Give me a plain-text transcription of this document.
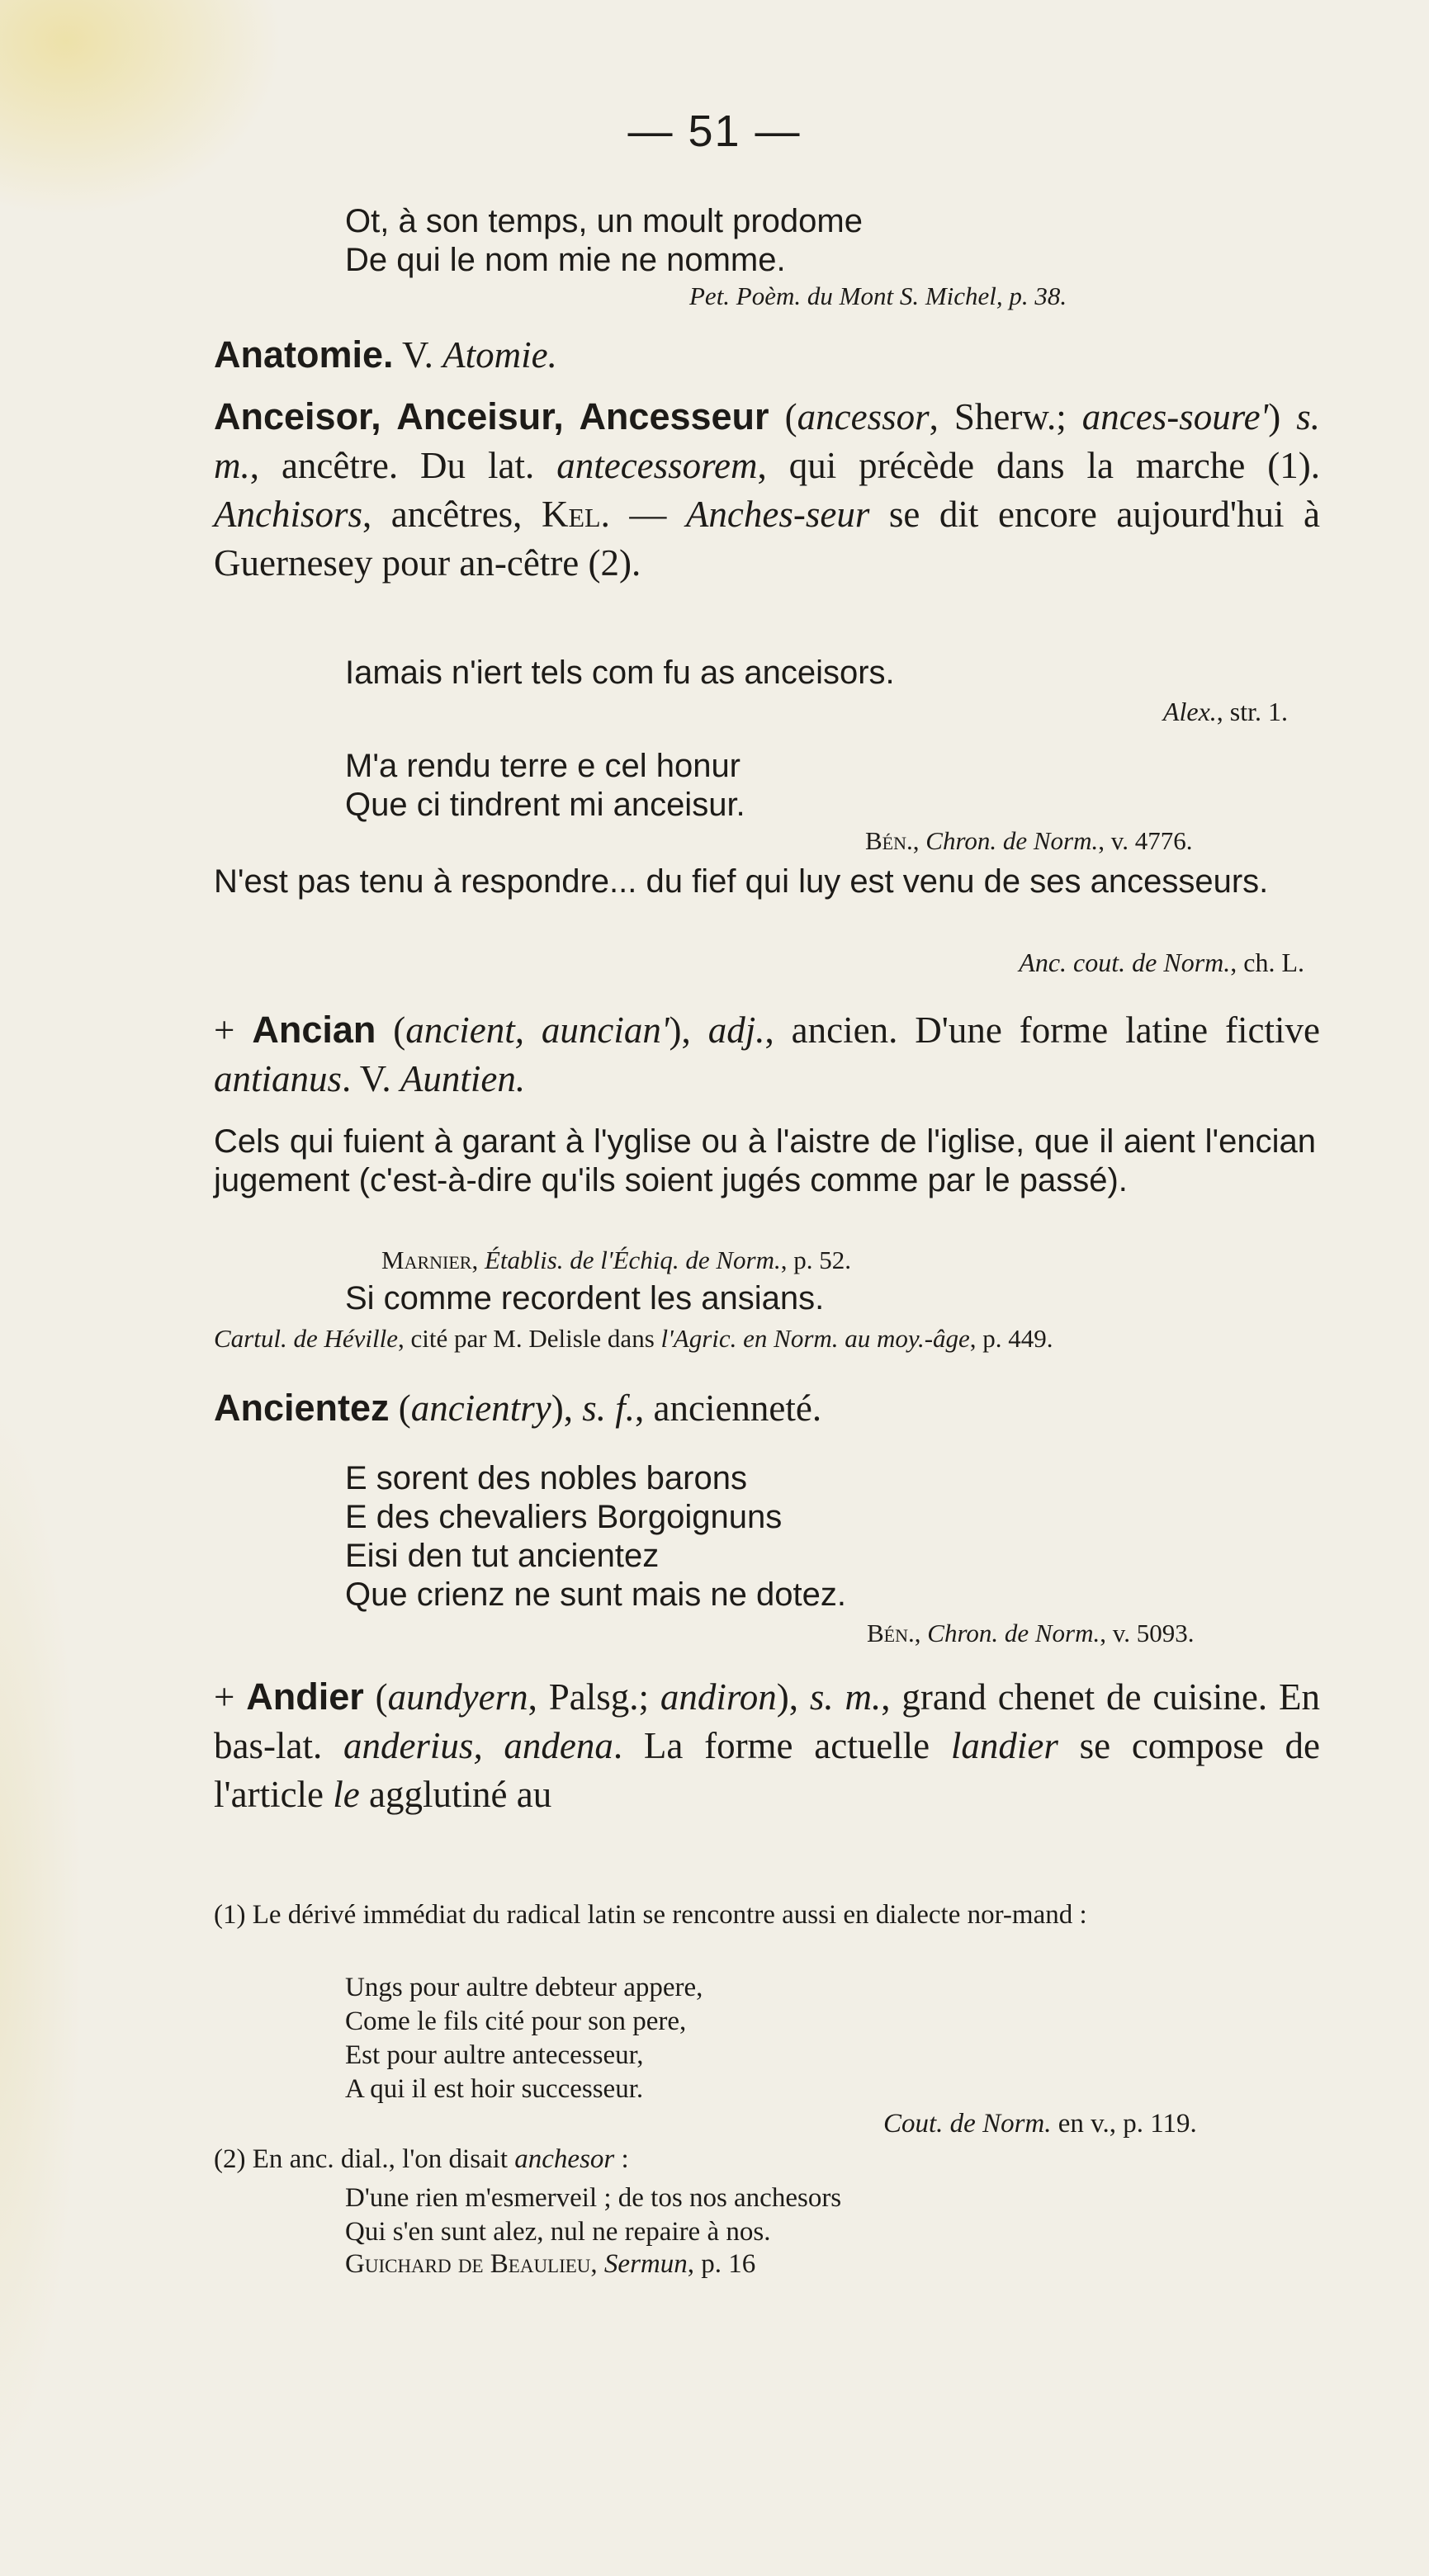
— 51 —
Ot, à son temps, un moult prodome
De qui le nom mie ne nomme.
Pet. Poèm. du Mont S. Michel, p. 38.
Anatomie. V. Atomie.
Anceisor, Anceisur, Ancesseur (ancessor, Sherw.; ances-soure') s. m., ancêtre. Du lat. antecessorem, qui précède dans la marche (1). Anchisors, ancêtres, Kel. — Anches-seur se dit encore aujourd'hui à Guernesey pour an-cêtre (2).
Iamais n'iert tels com fu as anceisors.
Alex., str. 1.
M'a rendu terre e cel honur
Que ci tindrent mi anceisur.
Bén., Chron. de Norm., v. 4776.
N'est pas tenu à respondre... du fief qui luy est venu de ses ancesseurs.
Anc. cout. de Norm., ch. L.
+ Ancian (ancient, auncian'), adj., ancien. D'une forme latine fictive antianus. V. Auntien.
Cels qui fuient à garant à l'yglise ou à l'aistre de l'iglise, que il aient l'encian jugement (c'est-à-dire qu'ils soient jugés comme par le passé).
Marnier, Établis. de l'Échiq. de Norm., p. 52.
Si comme recordent les ansians.
Cartul. de Héville, cité par M. Delisle dans l'Agric. en Norm. au moy.-âge, p. 449.
Ancientez (ancientry), s. f., ancienneté.
E sorent des nobles barons
E des chevaliers Borgoignuns
Eisi den tut ancientez
Que crienz ne sunt mais ne dotez.
Bén., Chron. de Norm., v. 5093.
+ Andier (aundyern, Palsg.; andiron), s. m., grand chenet de cuisine. En bas-lat. anderius, andena. La forme actuelle landier se compose de l'article le agglutiné au
(1) Le dérivé immédiat du radical latin se rencontre aussi en dialecte nor-mand :
Ungs pour aultre debteur appere,
Come le fils cité pour son pere,
Est pour aultre antecesseur,
A qui il est hoir successeur.
Cout. de Norm. en v., p. 119.
(2) En anc. dial., l'on disait anchesor :
D'une rien m'esmerveil ; de tos nos anchesors
Qui s'en sunt alez, nul ne repaire à nos.
Guichard de Beaulieu, Sermun, p. 16
